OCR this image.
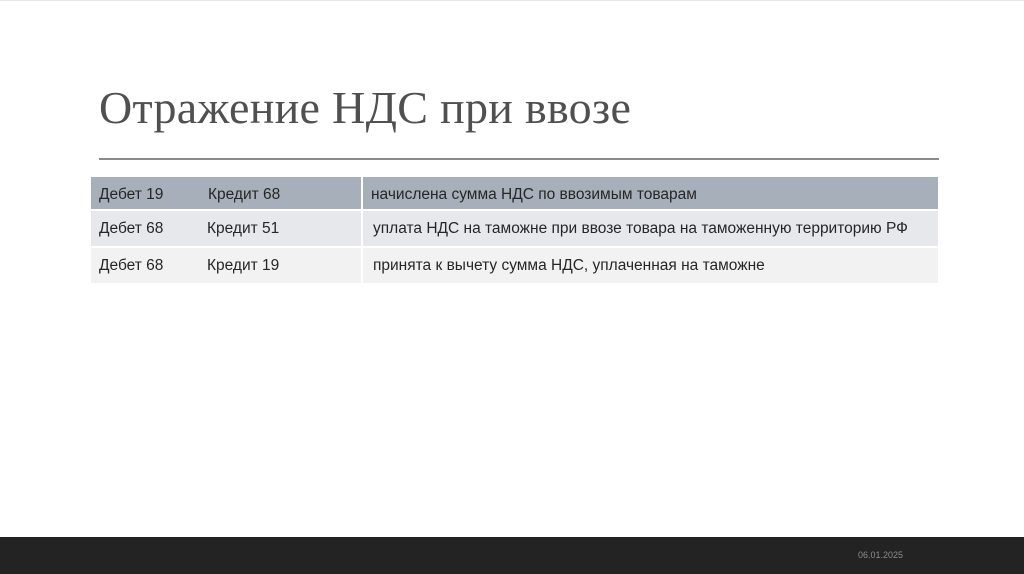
Отражение НДС при ввозе
Дебет 19	Кредит 68	начислена сумма НДС по ввозимым товарам
Дебет 68	Кредит 51	уплата НДС на таможне при ввозе товара на таможенную территорию РФ
Дебет 68	Кредит 19	принята к вычету сумма НДС, уплаченная на таможне
06.01.2025
